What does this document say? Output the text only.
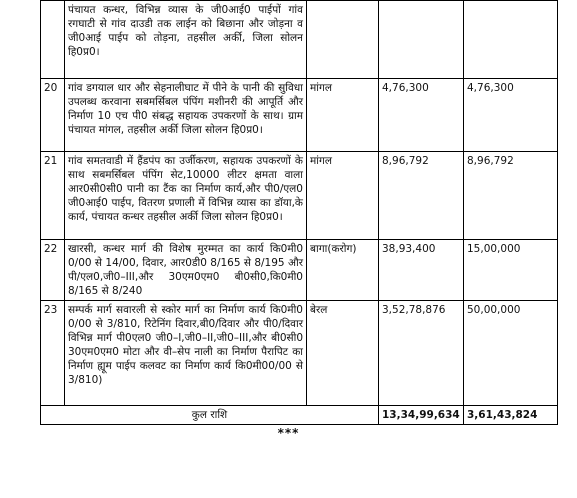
	पंचायत कन्धर, विभिन्न व्यास के जी0आई0 पाईपों गांव रगघाटी से गांव दाउडी तक लाईन को बिछाना और जोड़ना व जी0आई पाईप को तोड़ना, तहसील अर्की, जिला सोलन हि0प्र0।			
20	गांव डगयाल धार और सेहनालीघाट में पीने के पानी की सुविधा उपलब्ध करवाना सबमर्सिबल पंपिंग मशीनरी की आपूर्ति और निर्माण 10 एच पी0 संबद्ध सहायक उपकरणों के साथ। ग्राम पंचायत मांगल, तहसील अर्की जिला सोलन हि0प्र0।	मांगल	4,76,300	4,76,300
21	गांव समतवाडी में हैंडपंप का उर्जीकरण, सहायक उपकरणों के साथ सबमर्सिबल पंपिंग सेट,10000 लीटर क्षमता वाला आर0सी0सी0 पानी का टैंक का निर्माण कार्य,और पी0/एल0 जी0आई0 पाईप, वितरण प्रणाली में विभिन्न व्यास का डॉया,के कार्य, पंचायत कन्धर तहसील अर्की जिला सोलन हि0प्र0।	मांगल	8,96,792	8,96,792
22	खारसी, कन्धर मार्ग की विशेष मुरम्मत का कार्य कि0मी0 0/00 से 14/00, दिवार, आर0डी0 8/165 से 8/195 और पी/एल0,जी0–III,और 30एम0एम0 बी0सी0,कि0मी0 8/165 से 8/240	बागा(करोग)	38,93,400	15,00,000
23	सम्पर्क मार्ग सवारली से स्कोर मार्ग का निर्माण कार्य कि0मी0 0/00 से 3/810, रिटेनिंग दिवार,बी0/दिवार और पी0/दिवार विभिन्न मार्ग पी0एल0 जी0–I,जी0–II,जी0–III,और बी0सी0 30एम0एम0 मोटा और वी–सेप नाली का निर्माण पैरापिट का निर्माण ह्यूम पाईप कलवट का निर्माण कार्य कि0मी00/00 से 3/810)	बेरल	3,52,78,876	50,00,000
कुल राशि			13,34,99,634	3,61,43,824
***
